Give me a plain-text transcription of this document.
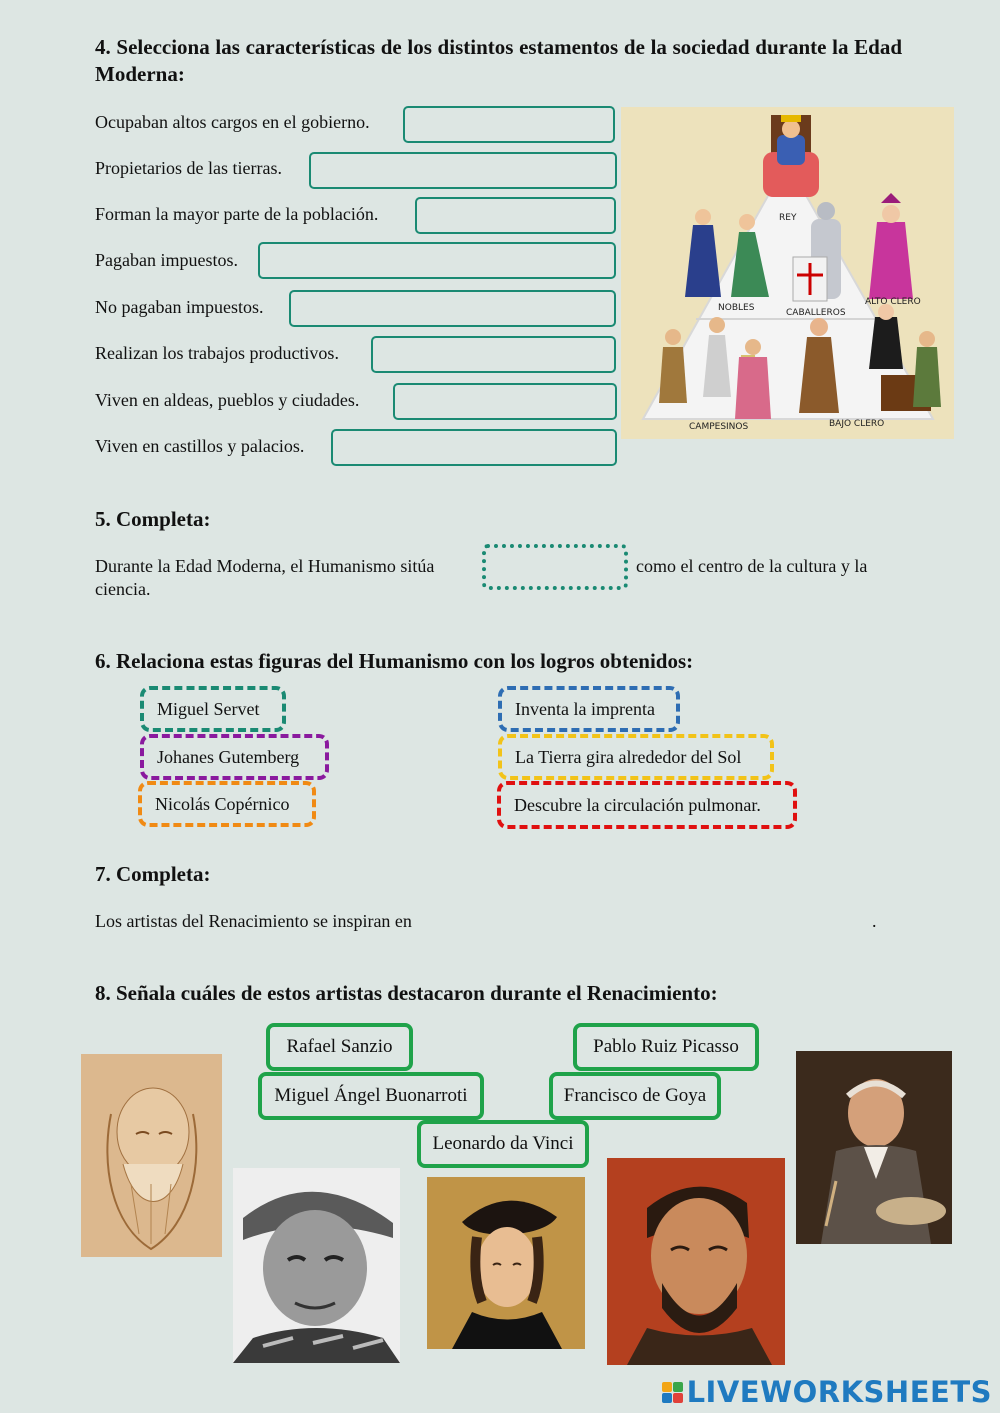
4. Selecciona las características de los distintos estamentos de la sociedad durante la Edad Moderna:
Ocupaban altos cargos en el gobierno.
Propietarios de las tierras.
Forman la mayor parte de la población.
Pagaban impuestos.
No pagaban impuestos.
Realizan los trabajos productivos.
Viven en aldeas, pueblos y ciudades.
Viven en castillos y palacios.
REY
NOBLES	CABALLEROS
ALTO CLERO
CAMPESINOS	BAJO CLERO
5. Completa:
Durante la Edad Moderna, el Humanismo sitúa	como el centro de la cultura y la
ciencia.
6. Relaciona estas figuras del Humanismo con los logros obtenidos:
Miguel Servet
Johanes Gutemberg
Nicolás Copérnico
Inventa la imprenta
La Tierra gira alrededor del Sol
Descubre la circulación pulmonar.
7. Completa:
Los artistas del Renacimiento se inspiran en	.
8. Señala cuáles de estos artistas destacaron durante el Renacimiento:
Rafael Sanzio	Pablo Ruiz Picasso
Miguel Ángel Buonarroti	Francisco de Goya
Leonardo da Vinci
LIVEWORKSHEETS
